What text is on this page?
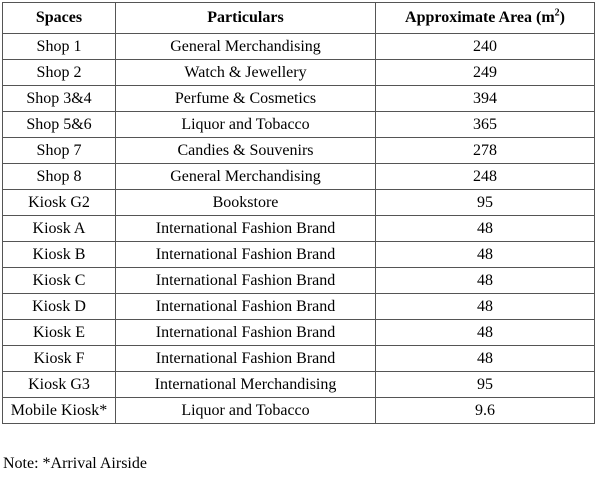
Spaces	Particulars	Approximate Area $(m^2)$
Shop 1	General Merchandising	240
Shop 2	Watch & Jewellery	249
Shop 3&4	Perfume & Cosmetics	394
Shop 5&6	Liquor and Tobacco	365
Shop 7	Candies & Souvenirs	278
Shop 8	General Merchandising	248
Kiosk G2	Bookstore	95
Kiosk A	International Fashion Brand	48
Kiosk B	International Fashion Brand	48
Kiosk C	International Fashion Brand	48
Kiosk D	International Fashion Brand	48
Kiosk E	International Fashion Brand	48
Kiosk F	International Fashion Brand	48
Kiosk G3	International Merchandising	95
Mobile Kiosk*	Liquor and Tobacco	9.6
Note: *Arrival Airside
